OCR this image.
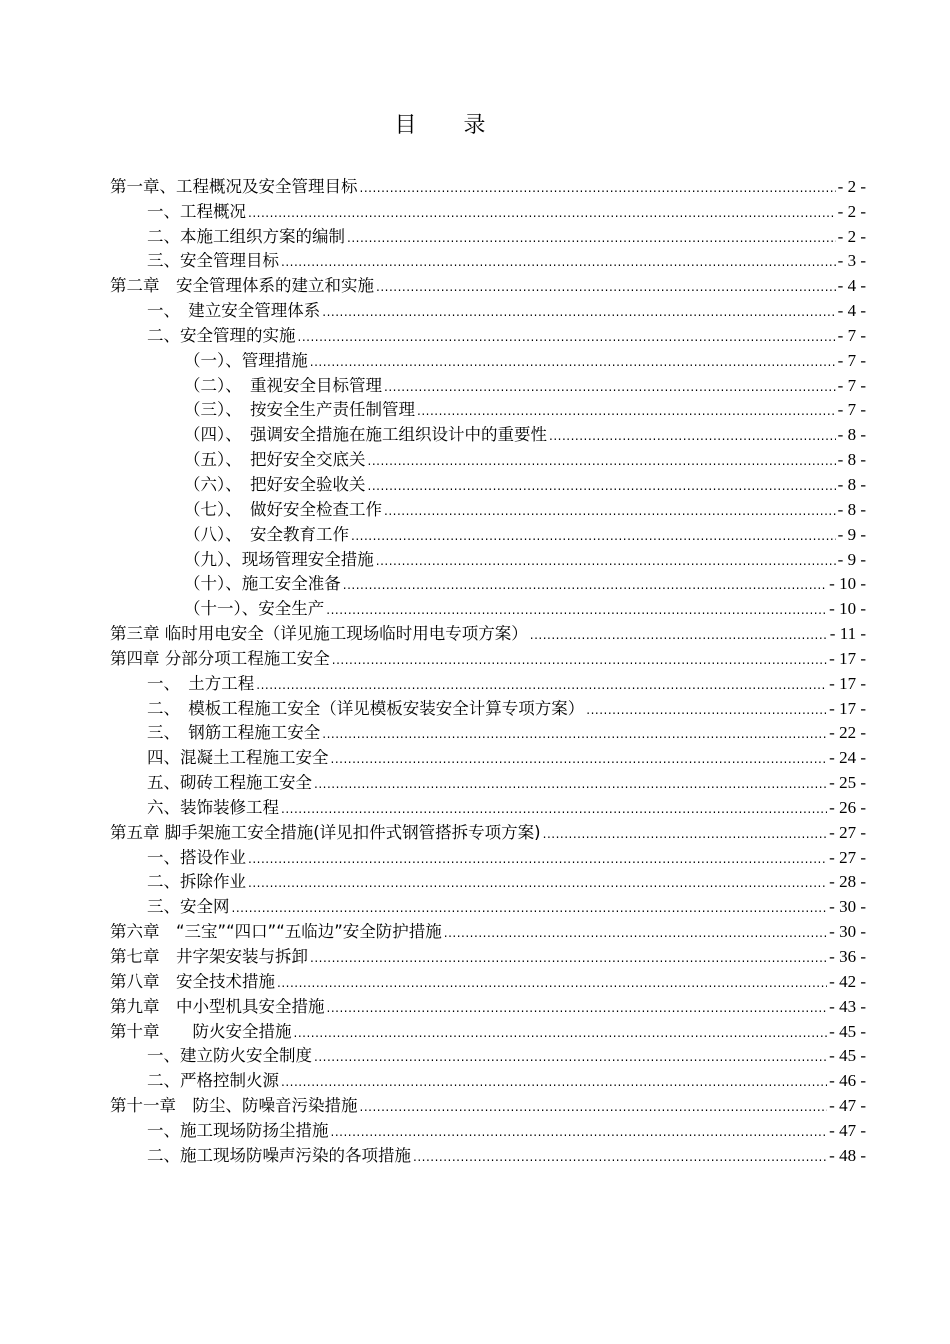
目 录
第一章、工程概况及安全管理目标 .....	- 2 -
一、工程概况 .....	- 2 -
二、本施工组织方案的编制 .....	- 2 -
三、安全管理目标 .....	- 3 -
第二章　安全管理体系的建立和实施 .....	- 4 -
一、　建立安全管理体系 .....	- 4 -
二、安全管理的实施 .....	- 7 -
（一）、管理措施 .....	- 7 -
（二）、　重视安全目标管理 .....	- 7 -
（三）、　按安全生产责任制管理 .....	- 7 -
（四）、　强调安全措施在施工组织设计中的重要性 .....	- 8 -
（五）、　把好安全交底关 .....	- 8 -
（六）、　把好安全验收关 .....	- 8 -
（七）、　做好安全检查工作 .....	- 8 -
（八）、　安全教育工作 .....	- 9 -
（九）、现场管理安全措施 .....	- 9 -
（十）、施工安全准备 .....	- 10 -
（十一）、安全生产 .....	- 10 -
第三章 临时用电安全（详见施工现场临时用电专项方案） .....	- 11 -
第四章 分部分项工程施工安全 .....	- 17 -
一、　土方工程 .....	- 17 -
二、　模板工程施工安全（详见模板安装安全计算专项方案） .....	- 17 -
三、　钢筋工程施工安全 .....	- 22 -
四、混凝土工程施工安全 .....	- 24 -
五、砌砖工程施工安全 .....	- 25 -
六、装饰装修工程 .....	- 26 -
第五章 脚手架施工安全措施(详见扣件式钢管搭拆专项方案) .....	- 27 -
一、搭设作业 .....	- 27 -
二、拆除作业 .....	- 28 -
三、安全网 .....	- 30 -
第六章　“三宝”“四口”“五临边”安全防护措施 .....	- 30 -
第七章　井字架安装与拆卸 .....	- 36 -
第八章　安全技术措施 .....	- 42 -
第九章　中小型机具安全措施 .....	- 43 -
第十章　　防火安全措施 .....	- 45 -
一、建立防火安全制度 .....	- 45 -
二、严格控制火源 .....	- 46 -
第十一章　防尘、防噪音污染措施 .....	- 47 -
一、施工现场防扬尘措施 .....	- 47 -
二、施工现场防噪声污染的各项措施 .....	- 48 -
